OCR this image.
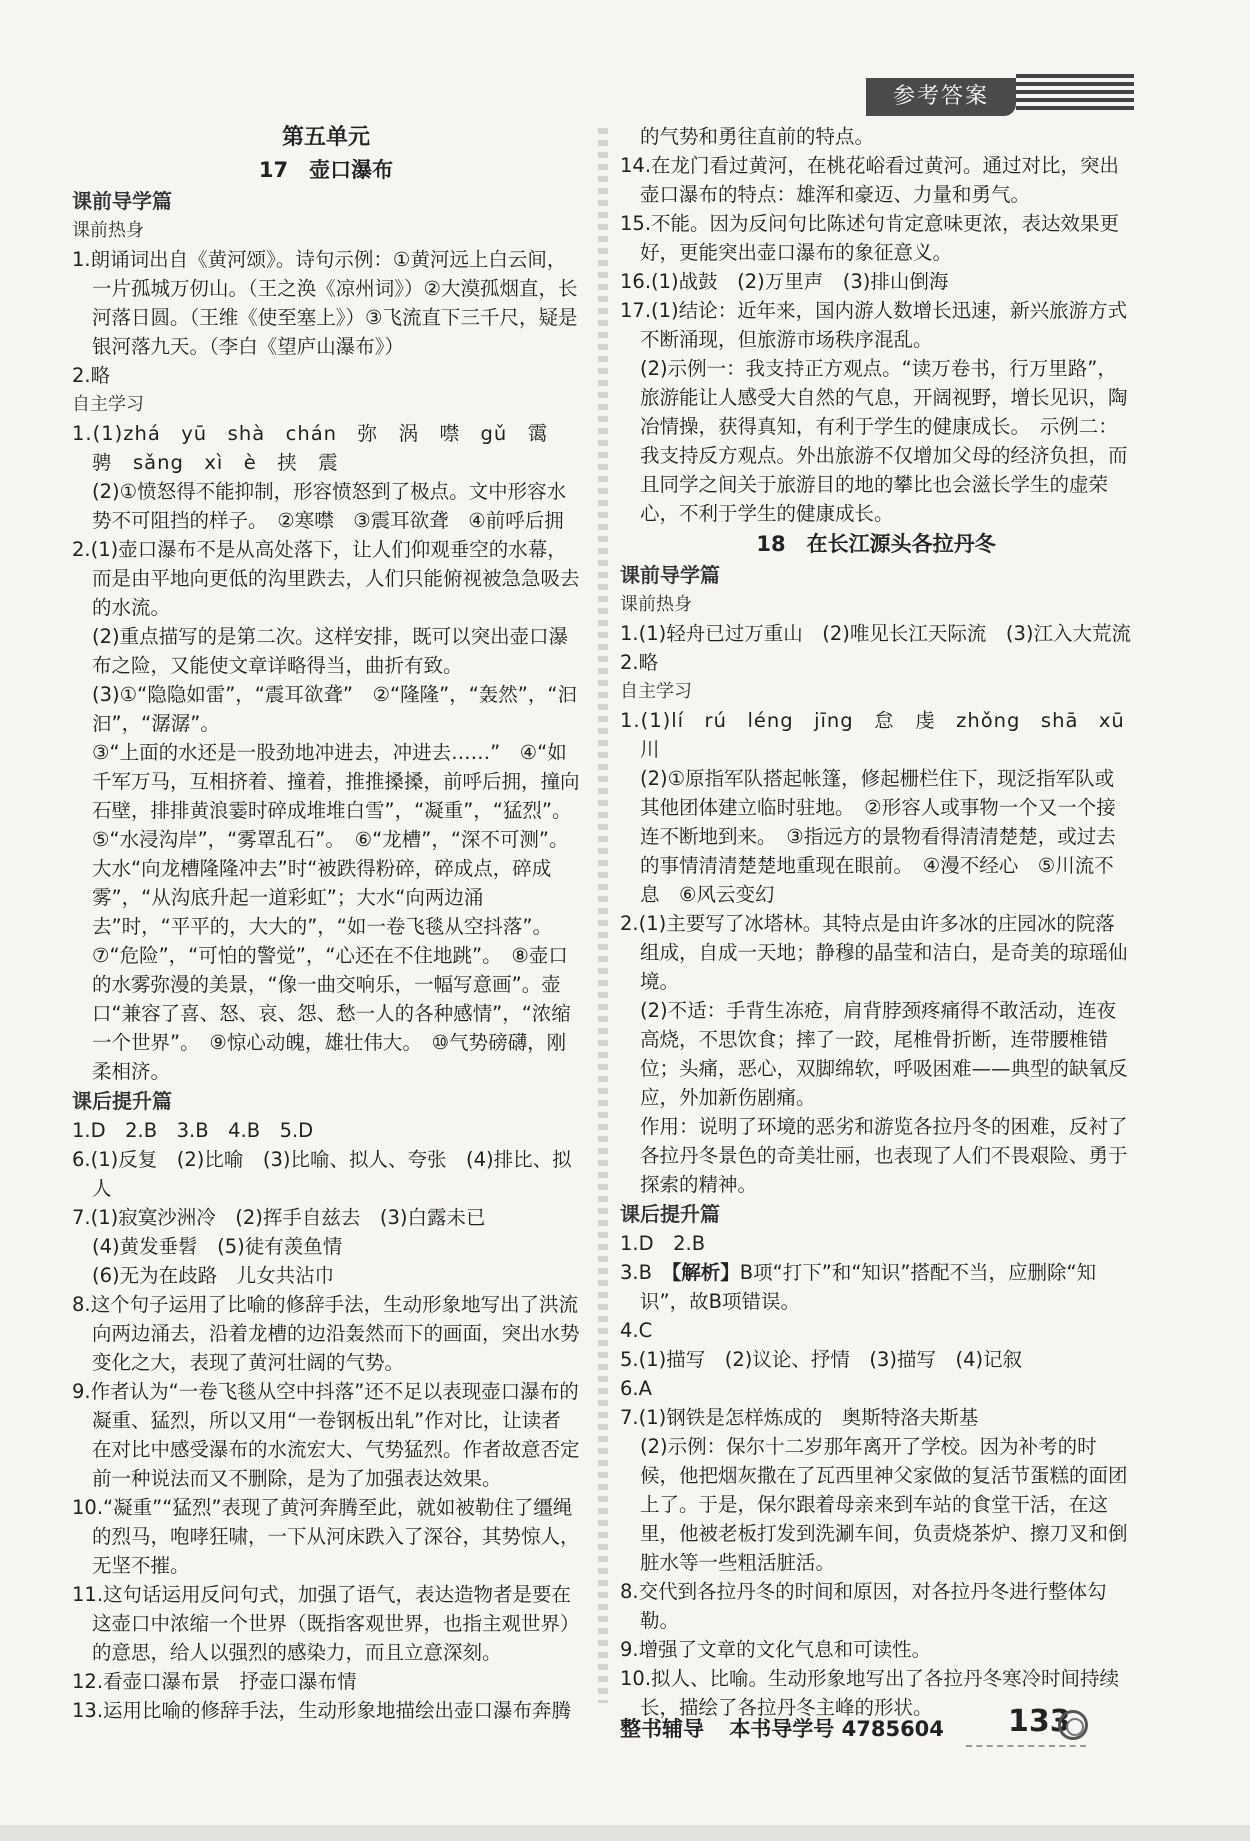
参考答案
第五单元
17　壶口瀑布
课前导学篇
课前热身

1.朗诵词出自《黄河颂》。诗句示例：①黄河远上白云间，一片孤城万仞山。（王之涣《凉州词》）②大漠孤烟直，长河落日圆。（王维《使至塞上》）③飞流直下三千尺，疑是银河落九天。（李白《望庐山瀑布》）

2.略

自主学习

1.(1)zhá　yū　shà　chán　弥　涡　噤　gǔ　霭　骋　sǎng　xì　è　挟　震

(2)①愤怒得不能抑制，形容愤怒到了极点。文中形容水势不可阻挡的样子。　②寒噤　③震耳欲聋　④前呼后拥

2.(1)壶口瀑布不是从高处落下，让人们仰观垂空的水幕，而是由平地向更低的沟里跌去，人们只能俯视被急急吸去的水流。

(2)重点描写的是第二次。这样安排，既可以突出壶口瀑布之险，又能使文章详略得当，曲折有致。

(3)①“隐隐如雷”，“震耳欲聋”　②“隆隆”，“轰然”，“汩汩”，“潺潺”。

③“上面的水还是一股劲地冲进去，冲进去……”　④“如千军万马，互相挤着、撞着，推推搡搡，前呼后拥，撞向石壁，排排黄浪霎时碎成堆堆白雪”，“凝重”，“猛烈”。　⑤“水浸沟岸”，“雾罩乱石”。　⑥“龙槽”，“深不可测”。大水“向龙槽隆隆冲去”时“被跌得粉碎，碎成点，碎成雾”，“从沟底升起一道彩虹”；大水“向两边涌去”时，“平平的，大大的”，“如一卷飞毯从空抖落”。

⑦“危险”，“可怕的警觉”，“心还在不住地跳”。　⑧壶口的水雾弥漫的美景，“像一曲交响乐，一幅写意画”。壶口“兼容了喜、怒、哀、怨、愁一人的各种感情”，“浓缩一个世界”。　⑨惊心动魄，雄壮伟大。　⑩气势磅礴，刚柔相济。

课后提升篇

1.D　2.B　3.B　4.B　5.D

6.(1)反复　(2)比喻　(3)比喻、拟人、夸张　(4)排比、拟人

7.(1)寂寞沙洲冷　(2)挥手自兹去　(3)白露未已

(4)黄发垂髫　(5)徒有羡鱼情

(6)无为在歧路　儿女共沾巾

8.这个句子运用了比喻的修辞手法，生动形象地写出了洪流向两边涌去，沿着龙槽的边沿轰然而下的画面，突出水势变化之大，表现了黄河壮阔的气势。

9.作者认为“一卷飞毯从空中抖落”还不足以表现壶口瀑布的凝重、猛烈，所以又用“一卷钢板出轧”作对比，让读者在对比中感受瀑布的水流宏大、气势猛烈。作者故意否定前一种说法而又不删除，是为了加强表达效果。

10.“凝重”“猛烈”表现了黄河奔腾至此，就如被勒住了缰绳的烈马，咆哮狂啸，一下从河床跌入了深谷，其势惊人，无坚不摧。

11.这句话运用反问句式，加强了语气，表达造物者是要在这壶口中浓缩一个世界（既指客观世界，也指主观世界）的意思，给人以强烈的感染力，而且立意深刻。

12.看壶口瀑布景　抒壶口瀑布情

13.运用比喻的修辞手法，生动形象地描绘出壶口瀑布奔腾

的气势和勇往直前的特点。

14.在龙门看过黄河，在桃花峪看过黄河。通过对比，突出壶口瀑布的特点：雄浑和豪迈、力量和勇气。

15.不能。因为反问句比陈述句肯定意味更浓，表达效果更好，更能突出壶口瀑布的象征意义。

16.(1)战鼓　(2)万里声　(3)排山倒海

17.(1)结论：近年来，国内游人数增长迅速，新兴旅游方式不断涌现，但旅游市场秩序混乱。

(2)示例一：我支持正方观点。“读万卷书，行万里路”，旅游能让人感受大自然的气息，开阔视野，增长见识，陶冶情操，获得真知，有利于学生的健康成长。　示例二：我支持反方观点。外出旅游不仅增加父母的经济负担，而且同学之间关于旅游目的地的攀比也会滋长学生的虚荣心，不利于学生的健康成长。

18　在长江源头各拉丹冬
课前导学篇
课前热身

1.(1)轻舟已过万重山　(2)唯见长江天际流　(3)江入大荒流

2.略

自主学习

1.(1)lí　rú　léng　jīng　怠　虔　zhǒng　shā　xū　川

(2)①原指军队搭起帐篷，修起栅栏住下，现泛指军队或其他团体建立临时驻地。　②形容人或事物一个又一个接连不断地到来。　③指远方的景物看得清清楚楚，或过去的事情清清楚楚地重现在眼前。　④漫不经心　⑤川流不息　⑥风云变幻

2.(1)主要写了冰塔林。其特点是由许多冰的庄园冰的院落组成，自成一天地；静穆的晶莹和洁白，是奇美的琼瑶仙境。

(2)不适：手背生冻疮，肩背脖颈疼痛得不敢活动，连夜高烧，不思饮食；摔了一跤，尾椎骨折断，连带腰椎错位；头痛，恶心，双脚绵软，呼吸困难——典型的缺氧反应，外加新伤剧痛。

作用：说明了环境的恶劣和游览各拉丹冬的困难，反衬了各拉丹冬景色的奇美壮丽，也表现了人们不畏艰险、勇于探索的精神。

课后提升篇

1.D　2.B

3.B　【解析】B项“打下”和“知识”搭配不当，应删除“知识”，故B项错误。

4.C

5.(1)描写　(2)议论、抒情　(3)描写　(4)记叙

6.A

7.(1)钢铁是怎样炼成的　奥斯特洛夫斯基

(2)示例：保尔十二岁那年离开了学校。因为补考的时候，他把烟灰撒在了瓦西里神父家做的复活节蛋糕的面团上了。于是，保尔跟着母亲来到车站的食堂干活，在这里，他被老板打发到洗涮车间，负责烧茶炉、擦刀叉和倒脏水等一些粗活脏活。

8.交代到各拉丹冬的时间和原因，对各拉丹冬进行整体勾勒。

9.增强了文章的文化气息和可读性。

10.拟人、比喻。生动形象地写出了各拉丹冬寒冷时间持续长，描绘了各拉丹冬主峰的形状。

整书辅导 本书导学号 4785604 133
